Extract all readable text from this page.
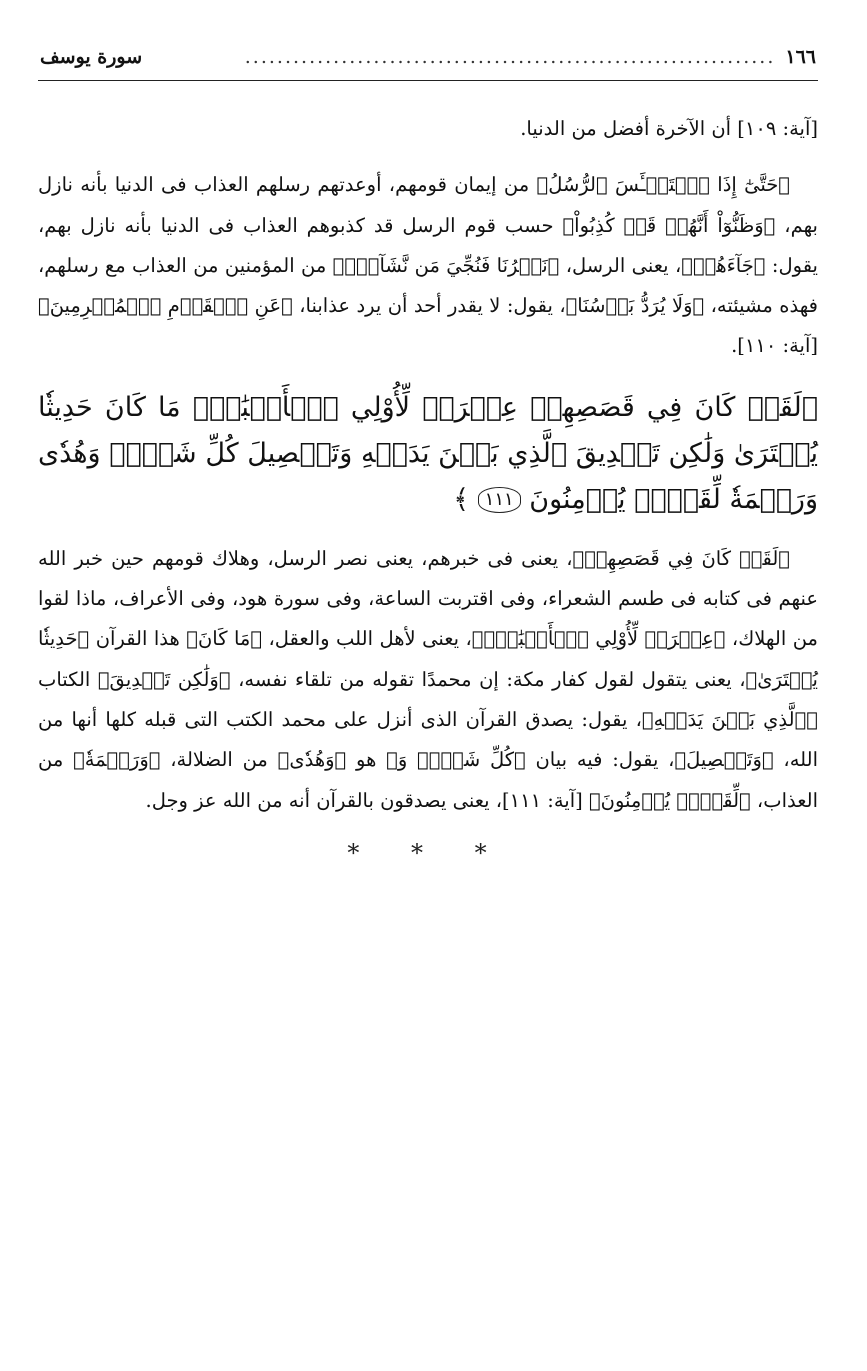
١٦٦
..................................................................
سورة يوسف

[آية: ١٠٩] أن الآخرة أفضل من الدنيا.

﴿حَتَّىٰٓ إِذَا ٱسۡتَيۡـَٔسَ ٱلرُّسُلُ﴾ من إيمان قومهم، أوعدتهم رسلهم العذاب فى الدنيا بأنه نازل بهم، ﴿وَظَنُّوٓاْ أَنَّهُمۡ قَدۡ كُذِبُواْ﴾ حسب قوم الرسل قد كذبوهم العذاب فى الدنيا بأنه نازل بهم، يقول: ﴿جَآءَهُمۡ﴾، يعنى الرسل، ﴿نَصۡرُنَا فَنُجِّيَ مَن نَّشَآءُۖ﴾ من المؤمنين من العذاب مع رسلهم، فهذه مشيئته، ﴿وَلَا يُرَدُّ بَأۡسُنَا﴾، يقول: لا يقدر أحد أن يرد عذابنا، ﴿عَنِ ٱلۡقَوۡمِ ٱلۡمُجۡرِمِينَ﴾ [آية: ١١٠].

﴿لَقَدۡ كَانَ فِي قَصَصِهِمۡ عِبۡرَةٞ لِّأُوْلِي ٱلۡأَلۡبَٰبِۗ مَا كَانَ حَدِيثٗا يُفۡتَرَىٰ وَلَٰكِن تَصۡدِيقَ ٱلَّذِي بَيۡنَ يَدَيۡهِ وَتَفۡصِيلَ كُلِّ شَيۡءٖ وَهُدٗى وَرَحۡمَةٗ لِّقَوۡمٖ يُؤۡمِنُونَ ١١١ ﴾

﴿لَقَدۡ كَانَ فِي قَصَصِهِمۡ﴾، يعنى فى خبرهم، يعنى نصر الرسل، وهلاك قومهم حين خبر الله عنهم فى كتابه فى طسم الشعراء، وفى اقتربت الساعة، وفى سورة هود، وفى الأعراف، ماذا لقوا من الهلاك، ﴿عِبۡرَةٞ لِّأُوْلِي ٱلۡأَلۡبَٰبِۗ﴾، يعنى لأهل اللب والعقل، ﴿مَا كَانَ﴾ هذا القرآن ﴿حَدِيثٗا يُفۡتَرَىٰ﴾، يعنى يتقول لقول كفار مكة: إن محمدًا تقوله من تلقاء نفسه، ﴿وَلَٰكِن تَصۡدِيقَ﴾ الكتاب ﴿ٱلَّذِي بَيۡنَ يَدَيۡهِ﴾، يقول: يصدق القرآن الذى أنزل على محمد الكتب التى قبله كلها أنها من الله، ﴿وَتَفۡصِيلَ﴾، يقول: فيه بيان ﴿كُلِّ شَيۡءٖ وَ﴾ هو ﴿وَهُدٗى﴾ من الضلالة، ﴿وَرَحۡمَةٗ﴾ من العذاب، ﴿لِّقَوۡمٖ يُؤۡمِنُونَ﴾ [آية: ١١١]، يعنى يصدقون بالقرآن أنه من الله عز وجل.

* * *
